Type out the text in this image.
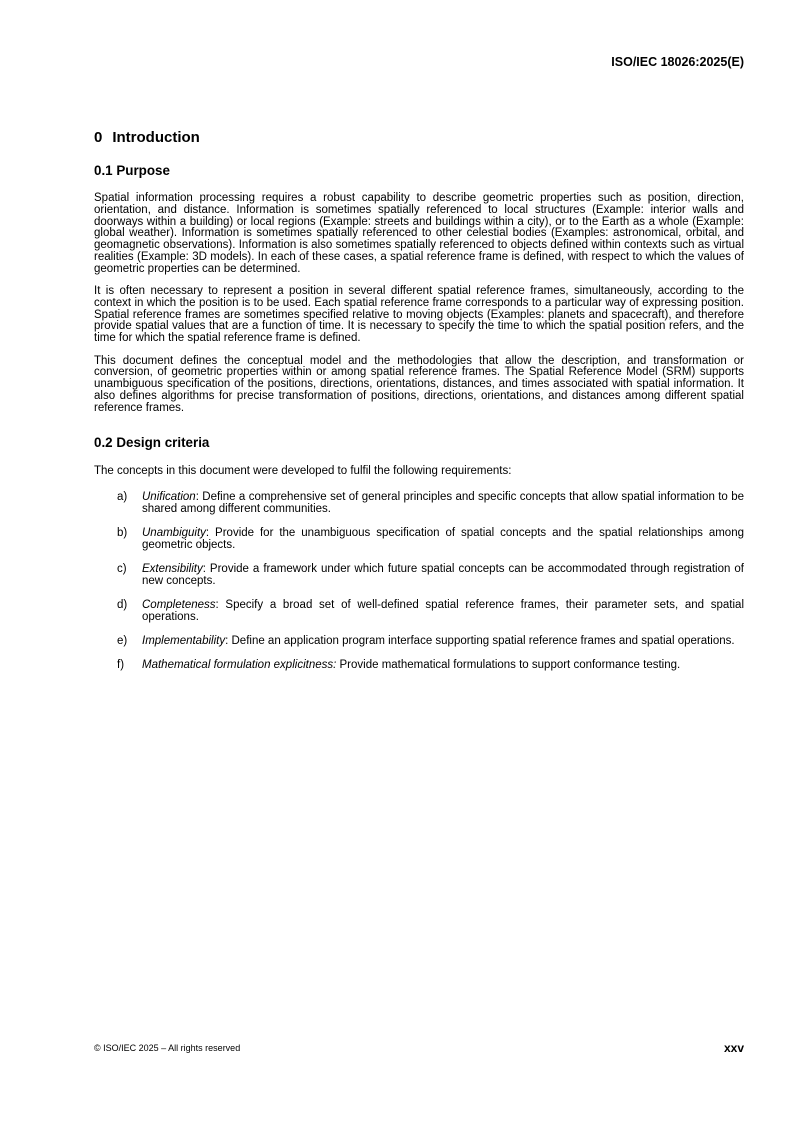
ISO/IEC 18026:2025(E)
0 Introduction
0.1 Purpose

Spatial information processing requires a robust capability to describe geometric properties such as position, direction, orientation, and distance. Information is sometimes spatially referenced to local structures (Example: interior walls and doorways within a building) or local regions (Example: streets and buildings within a city), or to the Earth as a whole (Example: global weather). Information is sometimes spatially referenced to other celestial bodies (Examples: astronomical, orbital, and geomagnetic observations). Information is also sometimes spatially referenced to objects defined within contexts such as virtual realities (Example: 3D models). In each of these cases, a spatial reference frame is defined, with respect to which the values of geometric properties can be determined.

It is often necessary to represent a position in several different spatial reference frames, simultaneously, according to the context in which the position is to be used. Each spatial reference frame corresponds to a particular way of expressing position. Spatial reference frames are sometimes specified relative to moving objects (Examples: planets and spacecraft), and therefore provide spatial values that are a function of time. It is necessary to specify the time to which the spatial position refers, and the time for which the spatial reference frame is defined.

This document defines the conceptual model and the methodologies that allow the description, and transformation or conversion, of geometric properties within or among spatial reference frames. The Spatial Reference Model (SRM) supports unambiguous specification of the positions, directions, orientations, distances, and times associated with spatial information. It also defines algorithms for precise transformation of positions, directions, orientations, and distances among different spatial reference frames.

0.2 Design criteria

The concepts in this document were developed to fulfil the following requirements:

a) Unification: Define a comprehensive set of general principles and specific concepts that allow spatial information to be shared among different communities.
b) Unambiguity: Provide for the unambiguous specification of spatial concepts and the spatial relationships among geometric objects.
c) Extensibility: Provide a framework under which future spatial concepts can be accommodated through registration of new concepts.
d) Completeness: Specify a broad set of well-defined spatial reference frames, their parameter sets, and spatial operations.
e) Implementability: Define an application program interface supporting spatial reference frames and spatial operations.
f) Mathematical formulation explicitness: Provide mathematical formulations to support conformance testing.
© ISO/IEC 2025 – All rights reserved	xxv
